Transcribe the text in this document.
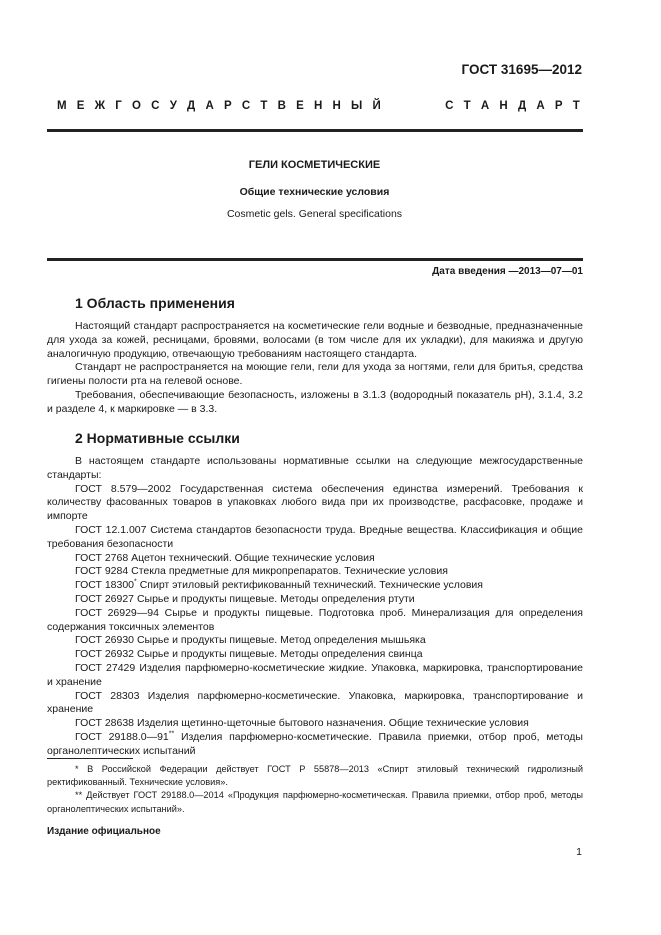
ГОСТ 31695—2012
М Е Ж Г О С У Д А Р С Т В Е Н Н Ы Й	С Т А Н Д А Р Т
ГЕЛИ КОСМЕТИЧЕСКИЕ
Общие технические условия
Cosmetic gels. General specifications
Дата введения —2013—07—01
1 Область применения

Настоящий стандарт распространяется на косметические гели водные и безводные, предназначенные для ухода за кожей, ресницами, бровями, волосами (в том числе для их укладки), для макияжа и другую аналогичную продукцию, отвечающую требованиям настоящего стандарта.

Стандарт не распространяется на моющие гели, гели для ухода за ногтями, гели для бритья, средства гигиены полости рта на гелевой основе.

Требования, обеспечивающие безопасность, изложены в 3.1.3 (водородный показатель рН), 3.1.4, 3.2 и разделе 4, к маркировке — в 3.3.

2 Нормативные ссылки

В настоящем стандарте использованы нормативные ссылки на следующие межгосударственные стандарты:

ГОСТ 8.579—2002 Государственная система обеспечения единства измерений. Требования к количеству фасованных товаров в упаковках любого вида при их производстве, расфасовке, продаже и импорте

ГОСТ 12.1.007 Система стандартов безопасности труда. Вредные вещества. Классификация и общие требования безопасности

ГОСТ 2768 Ацетон технический. Общие технические условия

ГОСТ 9284 Стекла предметные для микропрепаратов. Технические условия

ГОСТ 18300* Спирт этиловый ректификованный технический. Технические условия

ГОСТ 26927 Сырье и продукты пищевые. Методы определения ртути

ГОСТ 26929—94 Сырье и продукты пищевые. Подготовка проб. Минерализация для определения содержания токсичных элементов

ГОСТ 26930 Сырье и продукты пищевые. Метод определения мышьяка

ГОСТ 26932 Сырье и продукты пищевые. Методы определения свинца

ГОСТ 27429 Изделия парфюмерно-косметические жидкие. Упаковка, маркировка, транспортирование и хранение

ГОСТ 28303 Изделия парфюмерно-косметические. Упаковка, маркировка, транспортирование и хранение

ГОСТ 28638 Изделия щетинно-щеточные бытового назначения. Общие технические условия

ГОСТ 29188.0—91** Изделия парфюмерно-косметические. Правила приемки, отбор проб, методы органолептических испытаний

* В Российской Федерации действует ГОСТ Р 55878—2013 «Спирт этиловый технический гидролизный ректификованный. Технические условия».

** Действует ГОСТ 29188.0—2014 «Продукция парфюмерно-косметическая. Правила приемки, отбор проб, методы органолептических испытаний».

Издание официальное
1
